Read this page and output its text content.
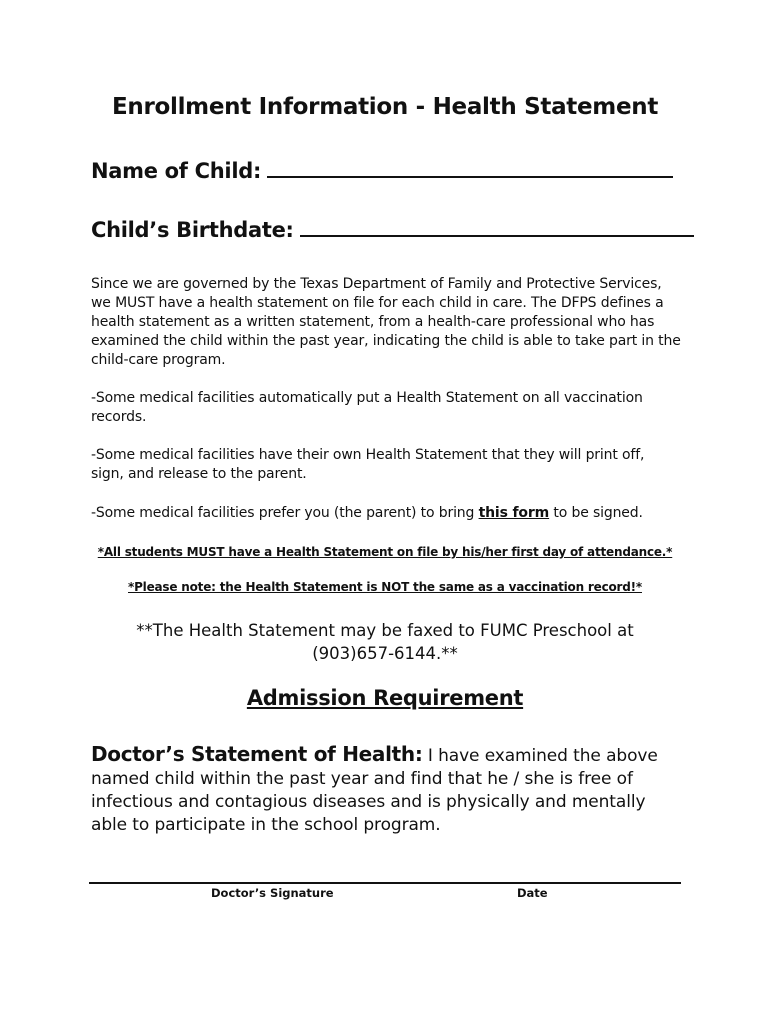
Enrollment Information - Health Statement
Name of Child:
Child’s Birthdate:
Since we are governed by the Texas Department of Family and Protective Services, we MUST have a health statement on file for each child in care. The DFPS defines a health statement as a written statement, from a health-care professional who has examined the child within the past year, indicating the child is able to take part in the child-care program.
-Some medical facilities automatically put a Health Statement on all vaccination records.
-Some medical facilities have their own Health Statement that they will print off, sign, and release to the parent.
-Some medical facilities prefer you (the parent) to bring this form to be signed.
*All students MUST have a Health Statement on file by his/her first day of attendance.*
*Please note: the Health Statement is NOT the same as a vaccination record!*
**The Health Statement may be faxed to FUMC Preschool at (903)657-6144.**
Admission Requirement
Doctor’s Statement of Health: I have examined the above named child within the past year and find that he / she is free of infectious and contagious diseases and is physically and mentally able to participate in the school program.
Doctor’s Signature	Date
